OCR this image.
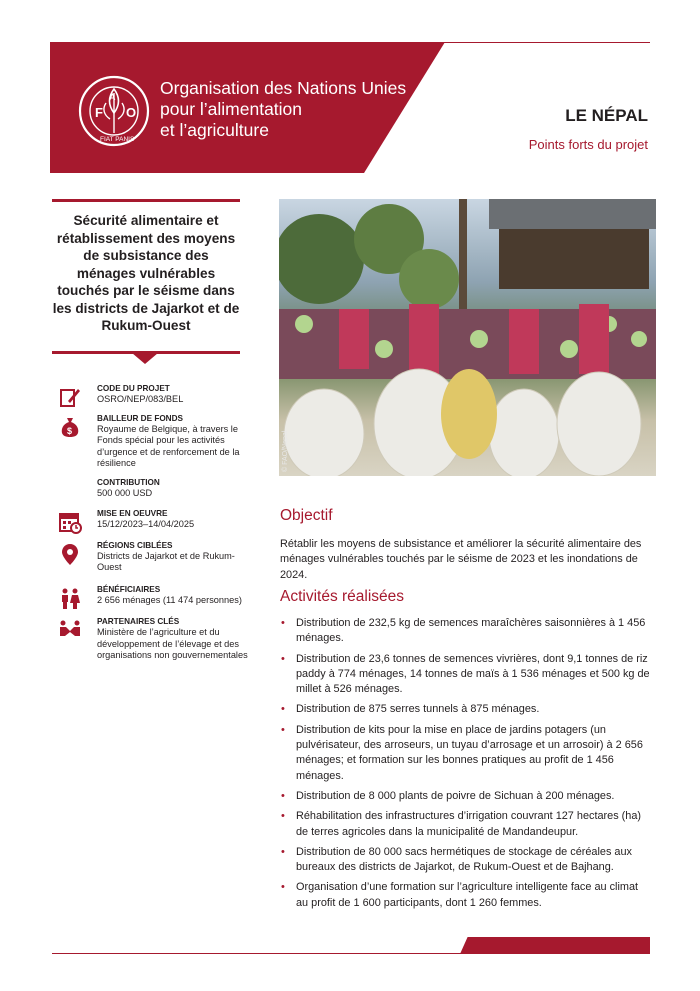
F
A
O
FIAT PANIS
Organisation des Nations Unies
pour l’alimentation
et l’agriculture
LE NÉPAL
Points forts du projet
Sécurité alimentaire et rétablissement des moyens de subsistance des ménages vulnérables touchés par le séisme dans les districts de Jajarkot et de Rukum-Ouest
CODE DU PROJET
OSRO/NEP/083/BEL
$
BAILLEUR DE FONDS
Royaume de Belgique, à travers le Fonds spécial pour les activités d’urgence et de renforcement de la résilience
CONTRIBUTION
500 000 USD
MISE EN OEUVRE
15/12/2023–14/04/2025
RÉGIONS CIBLÉES
Districts de Jajarkot et de Rukum-Ouest
BÉNÉFICIAIRES
2 656 ménages (11 474 personnes)
PARTENAIRES CLÉS
Ministère de l’agriculture et du développement de l’élevage et des organisations non gouvernementales
© FAO/Nepal
Objectif
Rétablir les moyens de subsistance et améliorer la sécurité alimentaire des ménages vulnérables touchés par le séisme de 2023 et les inondations de 2024.
Activités réalisées
• Distribution de 232,5 kg de semences maraîchères saisonnières à 1 456 ménages.
• Distribution de 23,6 tonnes de semences vivrières, dont 9,1 tonnes de riz paddy à 774 ménages, 14 tonnes de maïs à 1 536 ménages et 500 kg de millet à 526 ménages.
• Distribution de 875 serres tunnels à 875 ménages.
• Distribution de kits pour la mise en place de jardins potagers (un pulvérisateur, des arroseurs, un tuyau d’arrosage et un arrosoir) à 2 656 ménages; et formation sur les bonnes pratiques au profit de 1 456 ménages.
• Distribution de 8 000 plants de poivre de Sichuan à 200 ménages.
• Réhabilitation des infrastructures d’irrigation couvrant 127 hectares (ha) de terres agricoles dans la municipalité de Mandandeupur.
• Distribution de 80 000 sacs hermétiques de stockage de céréales aux bureaux des districts de Jajarkot, de Rukum-Ouest et de Bajhang.
• Organisation d’une formation sur l’agriculture intelligente face au climat au profit de 1 600 participants, dont 1 260 femmes.
